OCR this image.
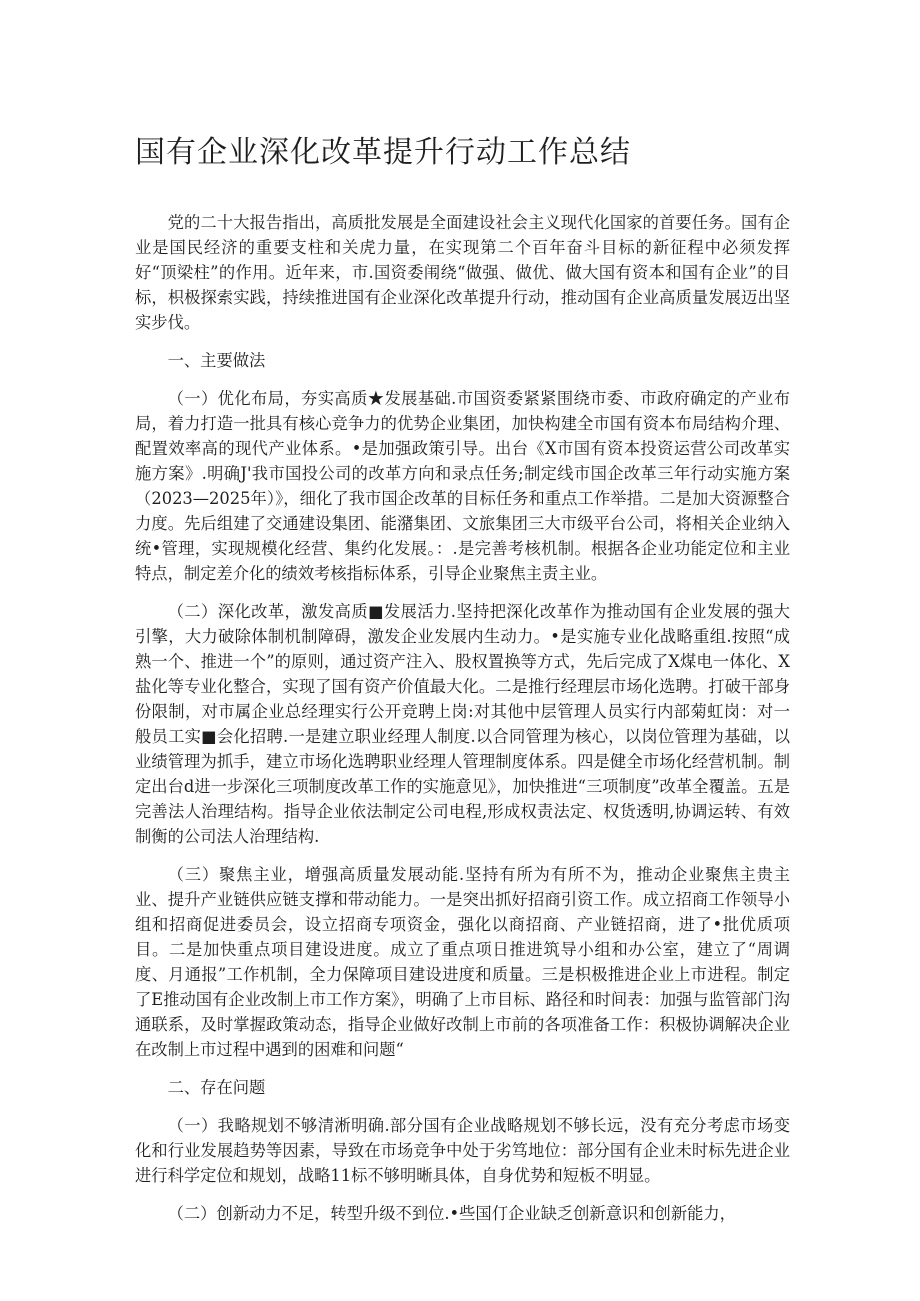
国有企业深化改革提升行动工作总结

党的二十大报告指出，高质批发展是全面建设社会主义现代化国家的首要任务。国有企业是国民经济的重要支柱和关虎力量，在实现第二个百年奋斗目标的新征程中必须发挥好“顶梁柱”的作用。近年来，市.国资委闱绕“做强、做优、做大国有资本和国有企业”的目标，枳极探索实践，持续推进国有企业深化改革提升行动，推动国有企业高质量发展迈出坚实步伐。

一、主要做法

（一）优化布局，夯实高质★发展基础.市国资委紧紧围绕市委、市政府确定的产业布局，着力打造一批具有核心竞争力的优势企业集团，加快构建全市国有资本布局结构介理、配置效率高的现代产业体系。•是加强政策引导。出台《X市国有资本投资运营公司改革实施方案》.明确J'我市国投公司的改革方向和录点任务;制定线市国企改革三年行动实施方案（2023—2025年）》，细化了我市国企改革的目标任务和重点工作举措。二是加大资源整合力度。先后组建了交通建设集团、能潴集团、文旅集团三大市级平台公司，将相关企业纳入统•管理，实现规模化经营、集约化发展。：.是完善考核机制。根据各企业功能定位和主业特点，制定差介化的绩效考核指标体系，引导企业聚焦主责主业。

（二）深化改革，激发高质■发展活力.坚持把深化改革作为推动国有企业发展的强大引擎，大力破除体制机制障碍，激发企业发展内生动力。•是实施专业化战略重组.按照“成熟一个、推进一个”的原则，通过资产注入、股权置换等方式，先后完成了X煤电一体化、X盐化等专业化整合，实现了国有资产价值最大化。二是推行经理层市场化选聘。打破干部身份限制，对市属企业总经理实行公开竞聘上岗:对其他中层管理人员实行内部菊虹岗：对一般员工实■会化招聘.一是建立职业经理人制度.以合同管理为核心，以岗位管理为基础，以业绩管理为抓手，建立市场化选聘职业经理人管理制度体系。四是健全市场化经营机制。制定出台d进一步深化三项制度改革工作的实施意见》，加快推进“三项制度”改革全覆盖。五是完善法人治理结构。指导企业依法制定公司电程,形成权责法定、权货透明,协调运转、有效制衡的公司法人治理结构.

（三）聚焦主业，增强高质量发展动能.坚持有所为有所不为，推动企业聚焦主贵主业、提升产业链供应链支撑和带动能力。一是突出抓好招商引资工作。成立招商工作领导小组和招商促进委员会，设立招商专项资金，强化以商招商、产业链招商，进了•批优质项目。二是加快重点项目建设进度。成立了重点项日推进筑导小组和办公室，建立了“周调度、月通报”工作机制，全力保障项目建设进度和质量。三是枳极推进企业上市进程。制定了E推动国有企业改制上市工作方案》，明确了上市目标、路径和时间表：加强与监管部门沟通联系，及时掌握政策动态，指导企业做好改制上市前的各项准备工作：积极协调解决企业在改制上市过程中遇到的困难和问题“

二、存在问题

（一）我略规划不够清淅明确.部分国有企业战略规划不够长远，没有充分考虑市场变化和行业发展趋势等因素，导致在市场竞争中处于劣笃地位：部分国有企业未时标先进企业进行科学定位和规划，战略11标不够明晰具体，自身优势和短板不明显。

（二）创新动力不足，转型升级不到位.•些国仃企业缺乏创新意识和创新能力，
